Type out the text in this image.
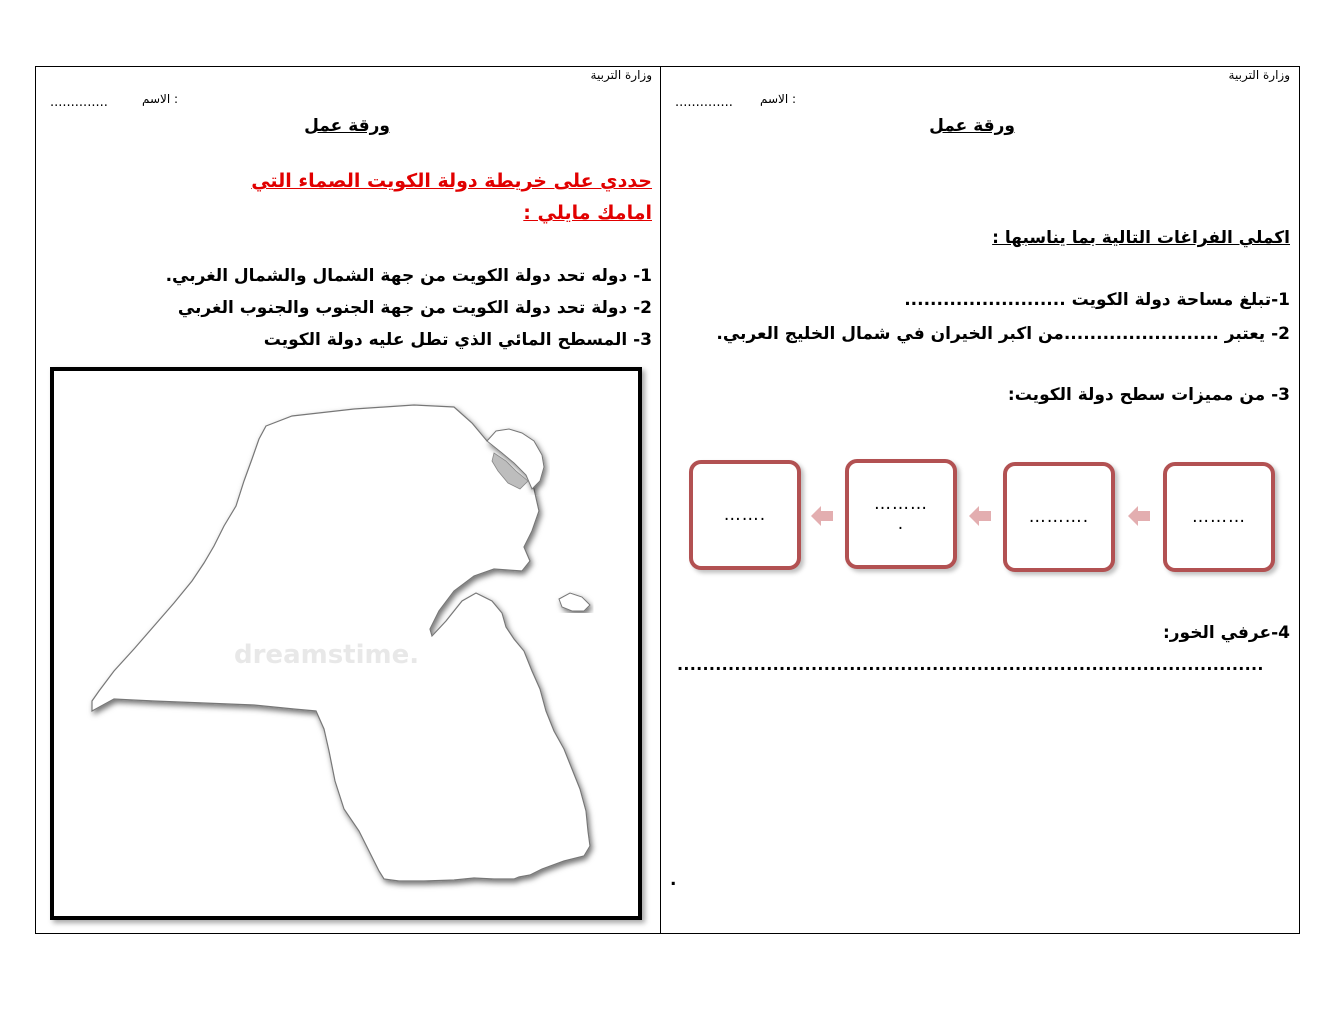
وزارة التربية
الاسم :
..............
ورقة عمل
حددي على خريطة دولة الكويت الصماء التي
امامك مايلي :
1- دوله تحد دولة الكويت من جهة الشمال والشمال الغربي.
2- دولة تحد دولة الكويت من جهة الجنوب والجنوب الغربي
3- المسطح المائي الذي تطل عليه دولة الكويت
dreamstime.
وزارة التربية
الاسم :
..............
ورقة عمل
اكملي الفراغات التالية بما يناسبها :
1-تبلغ مساحة دولة الكويت .........................
2- يعتبر ........................من اكبر الخيران في شمال الخليج العربي.
3- من مميزات سطح دولة الكويت:
………
……….
………
.
…….
4-عرفي الخور:
............................................................................................
.
